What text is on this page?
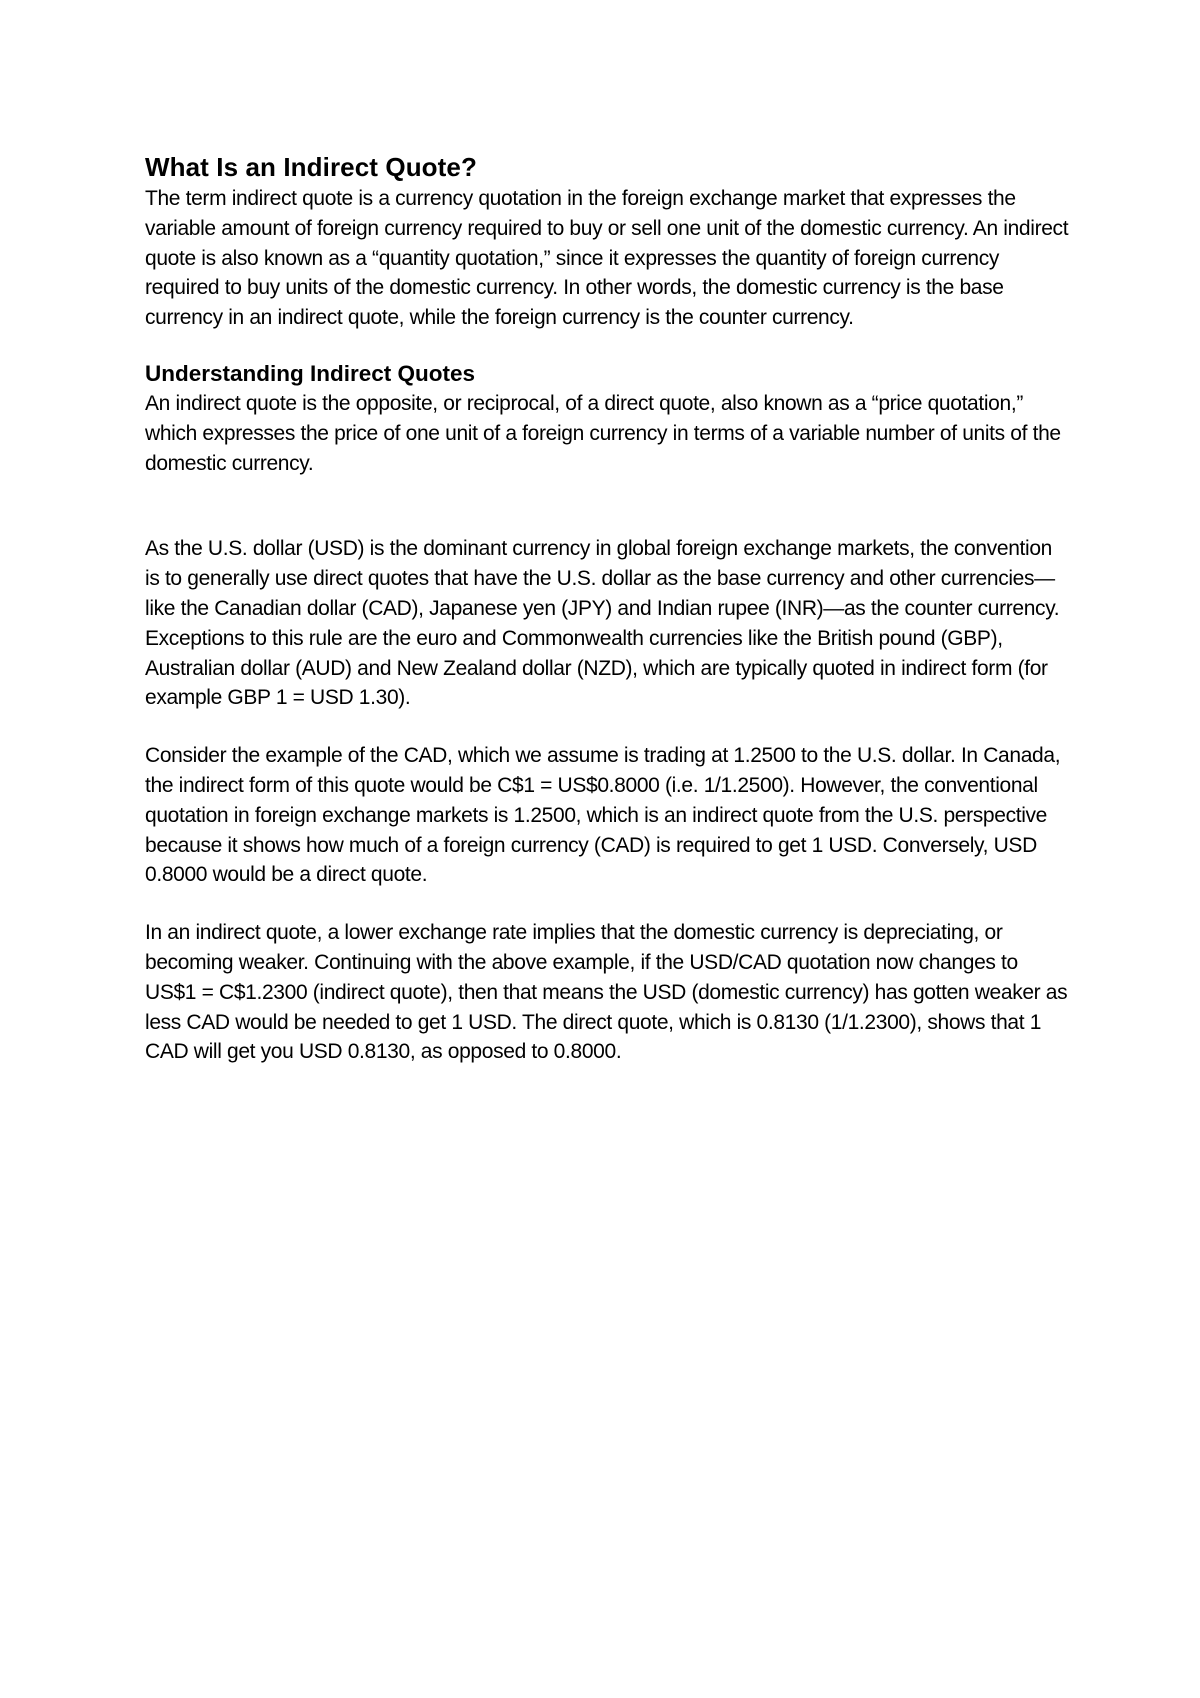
What Is an Indirect Quote?

The term indirect quote is a currency quotation in the foreign exchange market that expresses the variable amount of foreign currency required to buy or sell one unit of the domestic currency. An indirect quote is also known as a “quantity quotation,” since it expresses the quantity of foreign currency required to buy units of the domestic currency. In other words, the domestic currency is the base currency in an indirect quote, while the foreign currency is the counter currency.

Understanding Indirect Quotes

An indirect quote is the opposite, or reciprocal, of a direct quote, also known as a “price quotation,” which expresses the price of one unit of a foreign currency in terms of a variable number of units of the domestic currency.

As the U.S. dollar (USD) is the dominant currency in global foreign exchange markets, the convention is to generally use direct quotes that have the U.S. dollar as the base currency and other currencies—like the Canadian dollar (CAD), Japanese yen (JPY) and Indian rupee (INR)—as the counter currency. Exceptions to this rule are the euro and Commonwealth currencies like the British pound (GBP), Australian dollar (AUD) and New Zealand dollar (NZD), which are typically quoted in indirect form (for example GBP 1 = USD 1.30).

Consider the example of the CAD, which we assume is trading at 1.2500 to the U.S. dollar. In Canada, the indirect form of this quote would be C$1 = US$0.8000 (i.e. 1/1.2500). However, the conventional quotation in foreign exchange markets is 1.2500, which is an indirect quote from the U.S. perspective because it shows how much of a foreign currency (CAD) is required to get 1 USD. Conversely, USD 0.8000 would be a direct quote.

In an indirect quote, a lower exchange rate implies that the domestic currency is depreciating, or becoming weaker. Continuing with the above example, if the USD/CAD quotation now changes to US$1 = C$1.2300 (indirect quote), then that means the USD (domestic currency) has gotten weaker as less CAD would be needed to get 1 USD. The direct quote, which is 0.8130 (1/1.2300), shows that 1 CAD will get you USD 0.8130, as opposed to 0.8000.
